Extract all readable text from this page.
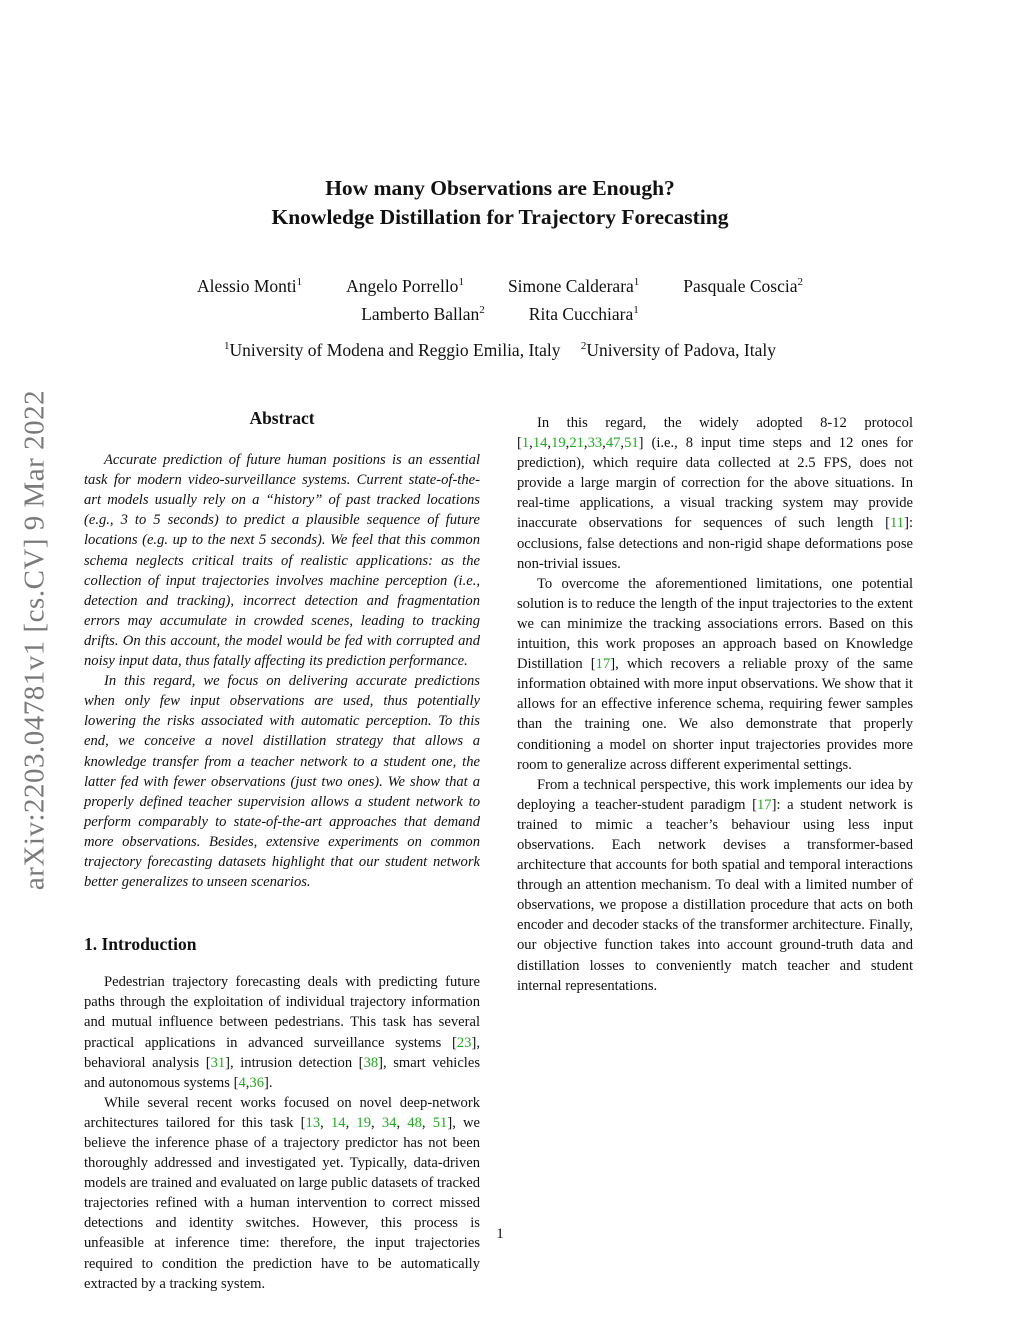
arXiv:2203.04781v1 [cs.CV] 9 Mar 2022
How many Observations are Enough?
Knowledge Distillation for Trajectory Forecasting
Alessio Monti$^1$	Angelo Porrello$^1$	Simone Calderara$^1$	Pasquale Coscia$^2$
Lamberto Ballan$^2$	Rita Cucchiara$^1$
$^1$University of Modena and Reggio Emilia, Italy $^2$University of Padova, Italy
Abstract

Accurate prediction of future human positions is an essential task for modern video-surveillance systems. Current state-of-the-art models usually rely on a “history” of past tracked locations (e.g., 3 to 5 seconds) to predict a plausible sequence of future locations (e.g. up to the next 5 seconds). We feel that this common schema neglects critical traits of realistic applications: as the collection of input trajectories involves machine perception (i.e., detection and tracking), incorrect detection and fragmentation errors may accumulate in crowded scenes, leading to tracking drifts. On this account, the model would be fed with corrupted and noisy input data, thus fatally affecting its prediction performance.

In this regard, we focus on delivering accurate predictions when only few input observations are used, thus potentially lowering the risks associated with automatic perception. To this end, we conceive a novel distillation strategy that allows a knowledge transfer from a teacher network to a student one, the latter fed with fewer observations (just two ones). We show that a properly defined teacher supervision allows a student network to perform comparably to state-of-the-art approaches that demand more observations. Besides, extensive experiments on common trajectory forecasting datasets highlight that our student network better generalizes to unseen scenarios.

1. Introduction

Pedestrian trajectory forecasting deals with predicting future paths through the exploitation of individual trajectory information and mutual influence between pedestrians. This task has several practical applications in advanced surveillance systems [23], behavioral analysis [31], intrusion detection [38], smart vehicles and autonomous systems [4,36].

While several recent works focused on novel deep-network architectures tailored for this task [13, 14, 19, 34, 48, 51], we believe the inference phase of a trajectory predictor has not been thoroughly addressed and investigated yet. Typically, data-driven models are trained and evaluated on large public datasets of tracked trajectories refined with a human intervention to correct missed detections and identity switches. However, this process is unfeasible at inference time: therefore, the input trajectories required to condition the prediction have to be automatically extracted by a tracking system.

In this regard, the widely adopted 8-12 protocol [1,14,19,21,33,47,51] (i.e., 8 input time steps and 12 ones for prediction), which require data collected at 2.5 FPS, does not provide a large margin of correction for the above situations. In real-time applications, a visual tracking system may provide inaccurate observations for sequences of such length [11]: occlusions, false detections and non-rigid shape deformations pose non-trivial issues.

To overcome the aforementioned limitations, one potential solution is to reduce the length of the input trajectories to the extent we can minimize the tracking associations errors. Based on this intuition, this work proposes an approach based on Knowledge Distillation [17], which recovers a reliable proxy of the same information obtained with more input observations. We show that it allows for an effective inference schema, requiring fewer samples than the training one. We also demonstrate that properly conditioning a model on shorter input trajectories provides more room to generalize across different experimental settings.

From a technical perspective, this work implements our idea by deploying a teacher-student paradigm [17]: a student network is trained to mimic a teacher’s behaviour using less input observations. Each network devises a transformer-based architecture that accounts for both spatial and temporal interactions through an attention mechanism. To deal with a limited number of observations, we propose a distillation procedure that acts on both encoder and decoder stacks of the transformer architecture. Finally, our objective function takes into account ground-truth data and distillation losses to conveniently match teacher and student internal representations.

1
